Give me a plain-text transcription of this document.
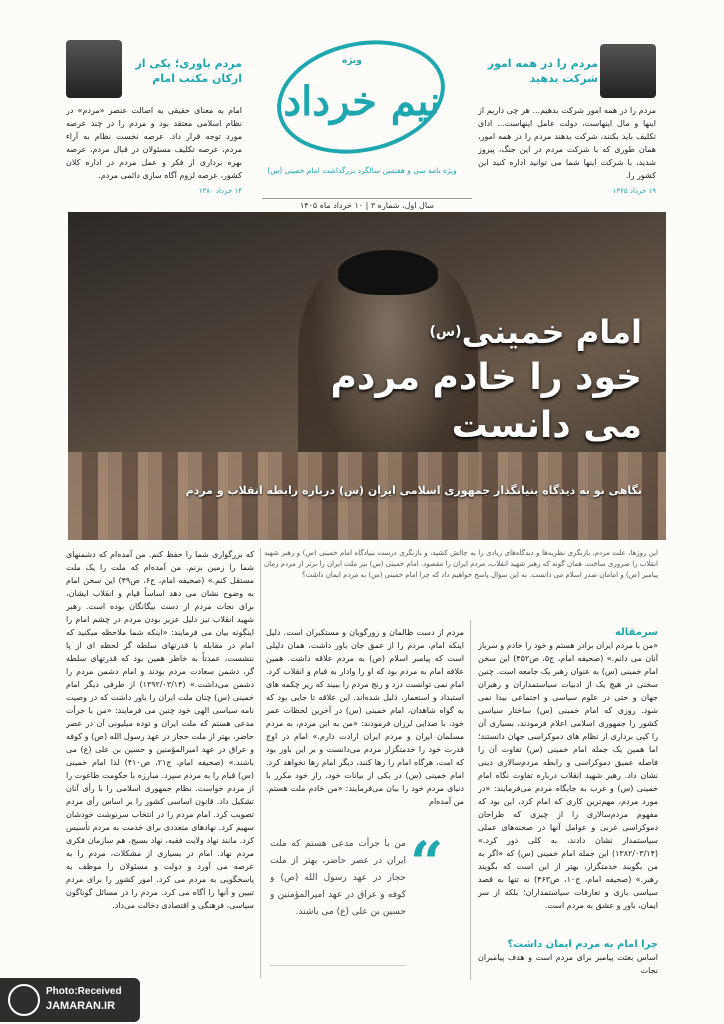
مردم را در همه امور
شرکت بدهید
مردم را در همه امور شرکت بدهیم... هر چی داریم از اینها و مال اینهاست، دولت عامل اینهاست... ادای تکلیف باید بکنند، شرکت بدهند مردم را در همه امور، همان طوری که با شرکت مردم در این جنگ، پیروز شدید، با شرکت اینها شما می توانید اداره کنید این کشور را.
۱۹ خرداد ۱۳۶۵
مردم باوری؛ یکی از
ارکان مکتب امام
امام به معنای حقیقی به اصالت عنصر «مردم» در نظام اسلامی معتقد بود و مردم را در چند عرصه مورد توجه قرار داد. عرصه نخست نظام به آراء مردم، عرصه تکلیف مسئولان در قبال مردم، عرصه بهره برداری از فکر و عمل مردم در اداره کلان کشور، عرصه لزوم آگاه سازی دائمی مردم.
۱۴ خرداد ۱۳۸۰
نیم خرداد
ویژه
ویژه نامه سی و هفتمین سالگرد بزرگداشت امام خمینی (س)
سال اول، شماره ۳ | ۱۰ خرداد ماه ۱۴۰۵
امام خمینی$^{(س)}$
خود را خادم مردم
می دانست
نگاهی نو به دیدگاه بنیانگذار جمهوری اسلامی ایران (س) درباره رابطه انقلاب و مردم
این روزها، علت مردم، بازنگری نظریه‌ها و دیدگاه‌های زیادی را به چالش کشید، و بازنگری درست بنیادگاه امام خمینی (س) و رهبر شهید انقلاب را ضروری ساخت. همان گونه که رهبر شهید انقلاب، مردم ایران را مقصود. امام خمینی (س) نیز ملت ایران را برتر از مردم زمان پیامبر (ص) و امامان صدر اسلام می دانست. به این سؤال پاسخ خواهیم داد که چرا امام خمینی (س) به مردم ایمان داشت؟
سرمقاله
«من با مردم ایران برادر هستم و خود را خادم و سرباز آنان می دانم.» (صحیفه امام، ج۵، ص۴۵۲) این سخن امام خمینی (س) به عنوان رهبر یک جامعه است. چنین سخنی در هیچ یک از ادبیات سیاستمداران و رهبران جهان و حتی در علوم سیاسی و اجتماعی بیدا نمی شود. روزی که امام خمینی (س) ساختار سیاسی کشور را جمهوری اسلامی اعلام فرمودند، بسیاری آن را کپی برداری از نظام های دموکراسی جهان دانستند؛ اما همین یک جمله امام خمینی (س) تفاوت آن را فاصله عمیق دموکراسی و رابطه مردم‌سالاری دینی نشان داد. رهبر شهید انقلاب درباره تفاوت نگاه امام خمینی (س) و غرب به جایگاه مردم می‌فرمایند: «در مورد مردم، مهم‌ترین کاری که امام کرد، این بود که مفهوم مردم‌سالاری را از چیزی که طراحان دموکراسی غربی و عوامل آنها در صحنه‌های عملی سیاستمدار نشان دادند، به کلی دور کرد.» (۱۳۸۲/۰۳/۱۴) این جمله امام خمینی (س) که «اگر به من بگویند خدمتگزار، بهتر از این است که بگویند رهبر.» (صحیفه امام، ج۱۰، ص۴۶۳) نه تنها به قصد سیاسی بازی و تعارفات سیاستمداران؛ بلکه از سر ایمان، باور و عشق به مردم است.
چرا امام به مردم ایمان داشت؟
اساس بعثت پیامبر برای مردم است و هدف پیامبران نجات
مردم از دست ظالمان و زورگویان و مستکبران است. دلیل اینکه امام، مردم را از عمق جان باور داشت، همان دلیلی است که پیامبر اسلام (ص) به مردم علاقه داشت. همین علاقه امام به مردم بود که او را وادار به قیام و انقلاب کرد. امام نمی توانست درد و رنج مردم را ببیند که زیر چکمه های استبداد و استعمار، ذلیل شده‌اند. این علاقه تا جایی بود که به گواه شاهدان، امام خمینی (س) در آخرین لحظات عمر خود، با صدایی لرزان فرمودند: «من به این مردم، به مردم مسلمان ایران و مردم ایران ارادت دارم.» امام در اوج قدرت خود را خدمتگزار مردم می‌دانست و بر این باور بود که امت، هرگاه امام را رها کنند، دیگر امام رها نخواهد کرد. امام خمینی (س) در یکی از بیانات خود، راز خود مکرر با دنیای مردم خود را بیان می‌فرمایند: «من خادم ملت هستم. من آمده‌ام
“
من با جرأت مدعی هستم که ملت ایران در عصر حاضر، بهتر از ملت حجاز در عهد رسول الله (ص) و کوفه و عراق در عهد امیرالمؤمنین و حسین بن علی (ع) می باشند.
که بزرگواری شما را حفظ کنم. من آمده‌ام که دشمنهای شما را زمین بزنم. من آمده‌ام که ملت را یک ملت مستقل کنم.» (صحیفه امام، ج۶، ص۴۹) این سخن امام به وضوح نشان می دهد اساساً قیام و انقلاب ایشان، برای نجات مردم از دست بیگانگان بوده است. رهبر شهید انقلاب نیز دلیل عزیز بودن مردم در چشم امام را اینگونه بیان می فرمایند: «اینکه شما ملاحظه میکنید که امام در مقابله با قدرتهای سلطه گر لحظه ای از پا ننشست، عمدتاً به خاطر همین بود که قدرتهای سلطه گر، دشمن سعادت مردم بودند و امام دشمن مردم را دشمن می‌داشت.» (۱۳۹۲/۰۳/۱۴) از طرفی دیگر امام خمینی (س) چنان ملت ایران را باور داشت که در وصیت نامه سیاسی الهی خود چنین می فرمایند: «من با جرأت مدعی هستم که ملت ایران و توده میلیونی آن در عصر حاضر، بهتر از ملت حجاز در عهد رسول الله (ص) و کوفه و عراق در عهد امیرالمؤمنین و حسین بن علی (ع) می باشند.» (صحیفه امام، ج۲۱، ص۴۱۰) لذا امام خمینی (س) قیام را به مردم سپرد. مبارزه با حکومت طاغوت را از مردم خواست. نظام جمهوری اسلامی را با رأی آنان تشکیل داد. قانون اساسی کشور را بر اساس رأی مردم تصویب کرد. امام مردم را در انتخاب سرنوشت خودشان سهیم کرد. نهادهای متعددی برای خدمت به مردم تأسیس کرد. مانند نهاد ولایت فقیه، نهاد بسیج، هم سازمان فکری مردم نهاد. امام در بسیاری از مشکلات، مردم را به عرصه می آورد و دولت و مسئولان را موظف به پاسخگویی به مردم می کرد. امور کشور را برای مردم تبیین و آنها را آگاه می کرد. مردم را در مسائل گوناگون سیاسی، فرهنگی و اقتصادی دخالت می‌داد.
Photo:Received
JAMARAN.IR
